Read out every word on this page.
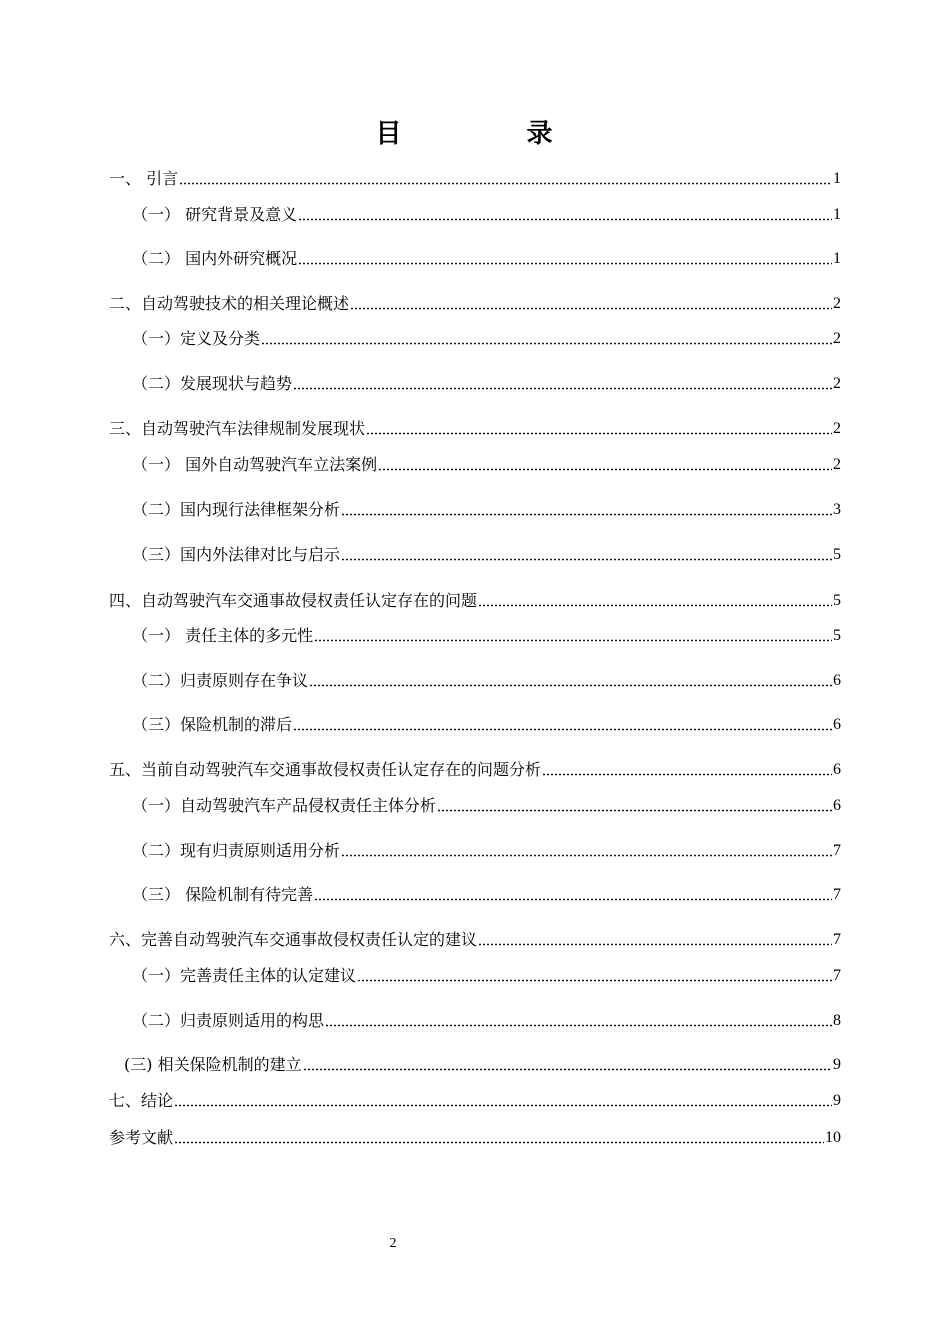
目 录
一、 引言	1
（一） 研究背景及意义	1
（二） 国内外研究概况	1
二、自动驾驶技术的相关理论概述	2
（一）定义及分类	2
（二）发展现状与趋势	2
三、自动驾驶汽车法律规制发展现状	2
（一） 国外自动驾驶汽车立法案例	2
（二）国内现行法律框架分析	3
（三）国内外法律对比与启示	5
四、自动驾驶汽车交通事故侵权责任认定存在的问题	5
（一） 责任主体的多元性	5
（二）归责原则存在争议	6
（三）保险机制的滞后	6
五、当前自动驾驶汽车交通事故侵权责任认定存在的问题分析	6
（一）自动驾驶汽车产品侵权责任主体分析	6
（二）现有归责原则适用分析	7
（三） 保险机制有待完善	7
六、完善自动驾驶汽车交通事故侵权责任认定的建议	7
（一）完善责任主体的认定建议	7
（二）归责原则适用的构思	8
(三) 相关保险机制的建立	9
七、结论	9
参考文献	10
2
